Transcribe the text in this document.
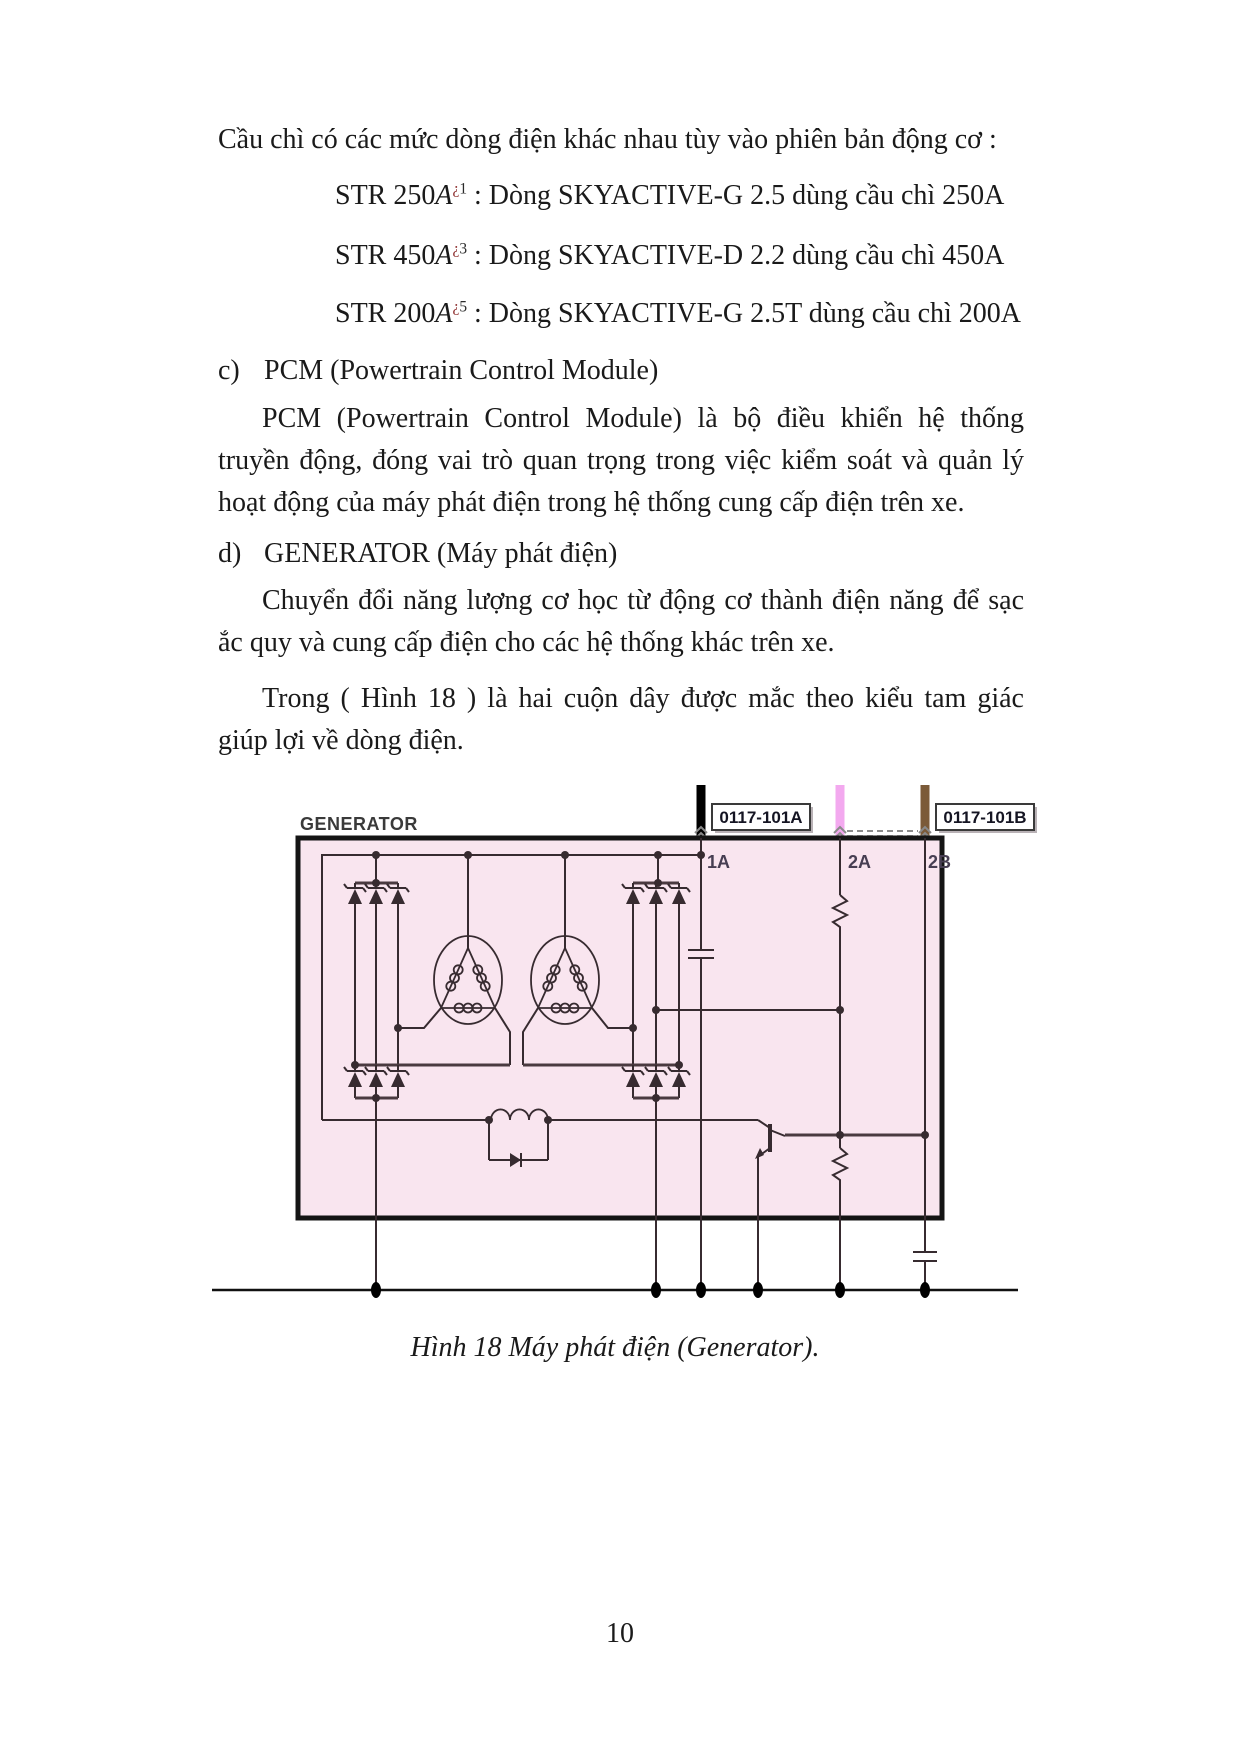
Cầu chì có các mức dòng điện khác nhau tùy vào phiên bản động cơ :
STR $250A^{¿1}$ : Dòng SKYACTIVE-G 2.5 dùng cầu chì 250A
STR $450A^{¿3}$ : Dòng SKYACTIVE-D 2.2 dùng cầu chì 450A
STR $200A^{¿5}$ : Dòng SKYACTIVE-G 2.5T dùng cầu chì 200A
c) PCM (Powertrain Control Module)
PCM (Powertrain Control Module) là bộ điều khiển hệ thống truyền động, đóng vai trò quan trọng trong việc kiểm soát và quản lý hoạt động của máy phát điện trong hệ thống cung cấp điện trên xe.
d) GENERATOR (Máy phát điện)
Chuyển đổi năng lượng cơ học từ động cơ thành điện năng để sạc ắc quy và cung cấp điện cho các hệ thống khác trên xe.
Trong ( Hình 18 ) là hai cuộn dây được mắc theo kiểu tam giác giúp lợi về dòng điện.
GENERATOR	0117-101A	0117-101B
1A	2A	2B
Hình 18 Máy phát điện (Generator).
10
